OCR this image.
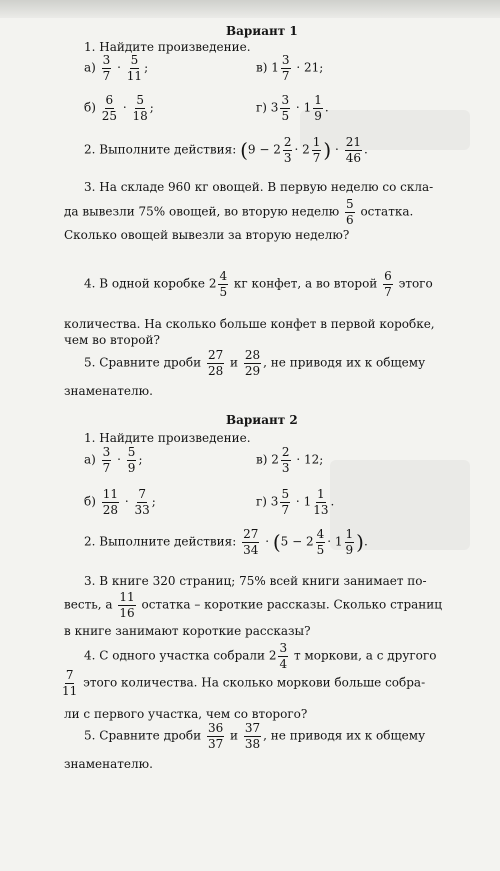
Вариант 1
1. Найдите произведение.
$а) \frac{3}{7} \cdot \frac{5}{11}$ ;	в) $1 \frac{3}{7} \cdot 21$;
$б) \frac{6}{25} \cdot \frac{5}{18}$ ;	г) $3 \frac{3}{5} \cdot 1 \frac{1}{9}$ .
2. Выполните действия: ($9 - 2 \frac{2}{3} \cdot 2 \frac{1}{7}$ ) · $\frac{21}{46}$ .
3. На складе 960 кг овощей. В первую неделю со скла-
да вывезли 75% овощей, во вторую неделю $\frac{5}{6}$ остатка.
Сколько овощей вывезли за вторую неделю?
4. В одной коробке $2 \frac{4}{5}$ кг конфет, а во второй $\frac{6}{7}$ этого
количества. На сколько больше конфет в первой коробке,
чем во второй?
5. Сравните дроби $\frac{27}{28}$ и $\frac{28}{29}$ , не приводя их к общему
знаменателю.
Вариант 2
1. Найдите произведение.
$а) \frac{3}{7} \cdot \frac{5}{9}$ ;	в) $2 \frac{2}{3} \cdot 12$;
$б) \frac{11}{28} \cdot \frac{7}{33}$ ;	г) $3 \frac{5}{7} \cdot 1 \frac{1}{13}$ .
2. Выполните действия: $\frac{27}{34} \cdot (5 - 2 \frac{4}{5} \cdot 1 \frac{1}{9}$ ).
3. В книге 320 страниц; 75% всей книги занимает по-
весть, а $\frac{11}{16}$ остатка – короткие рассказы. Сколько страниц
в книге занимают короткие рассказы?
4. С одного участка собрали $2 \frac{3}{4}$ т моркови, а с другого
$\frac{7}{11}$ этого количества. На сколько моркови больше собра-
ли с первого участка, чем со второго?
5. Сравните дроби $\frac{36}{37}$ и $\frac{37}{38}$ , не приводя их к общему
знаменателю.
